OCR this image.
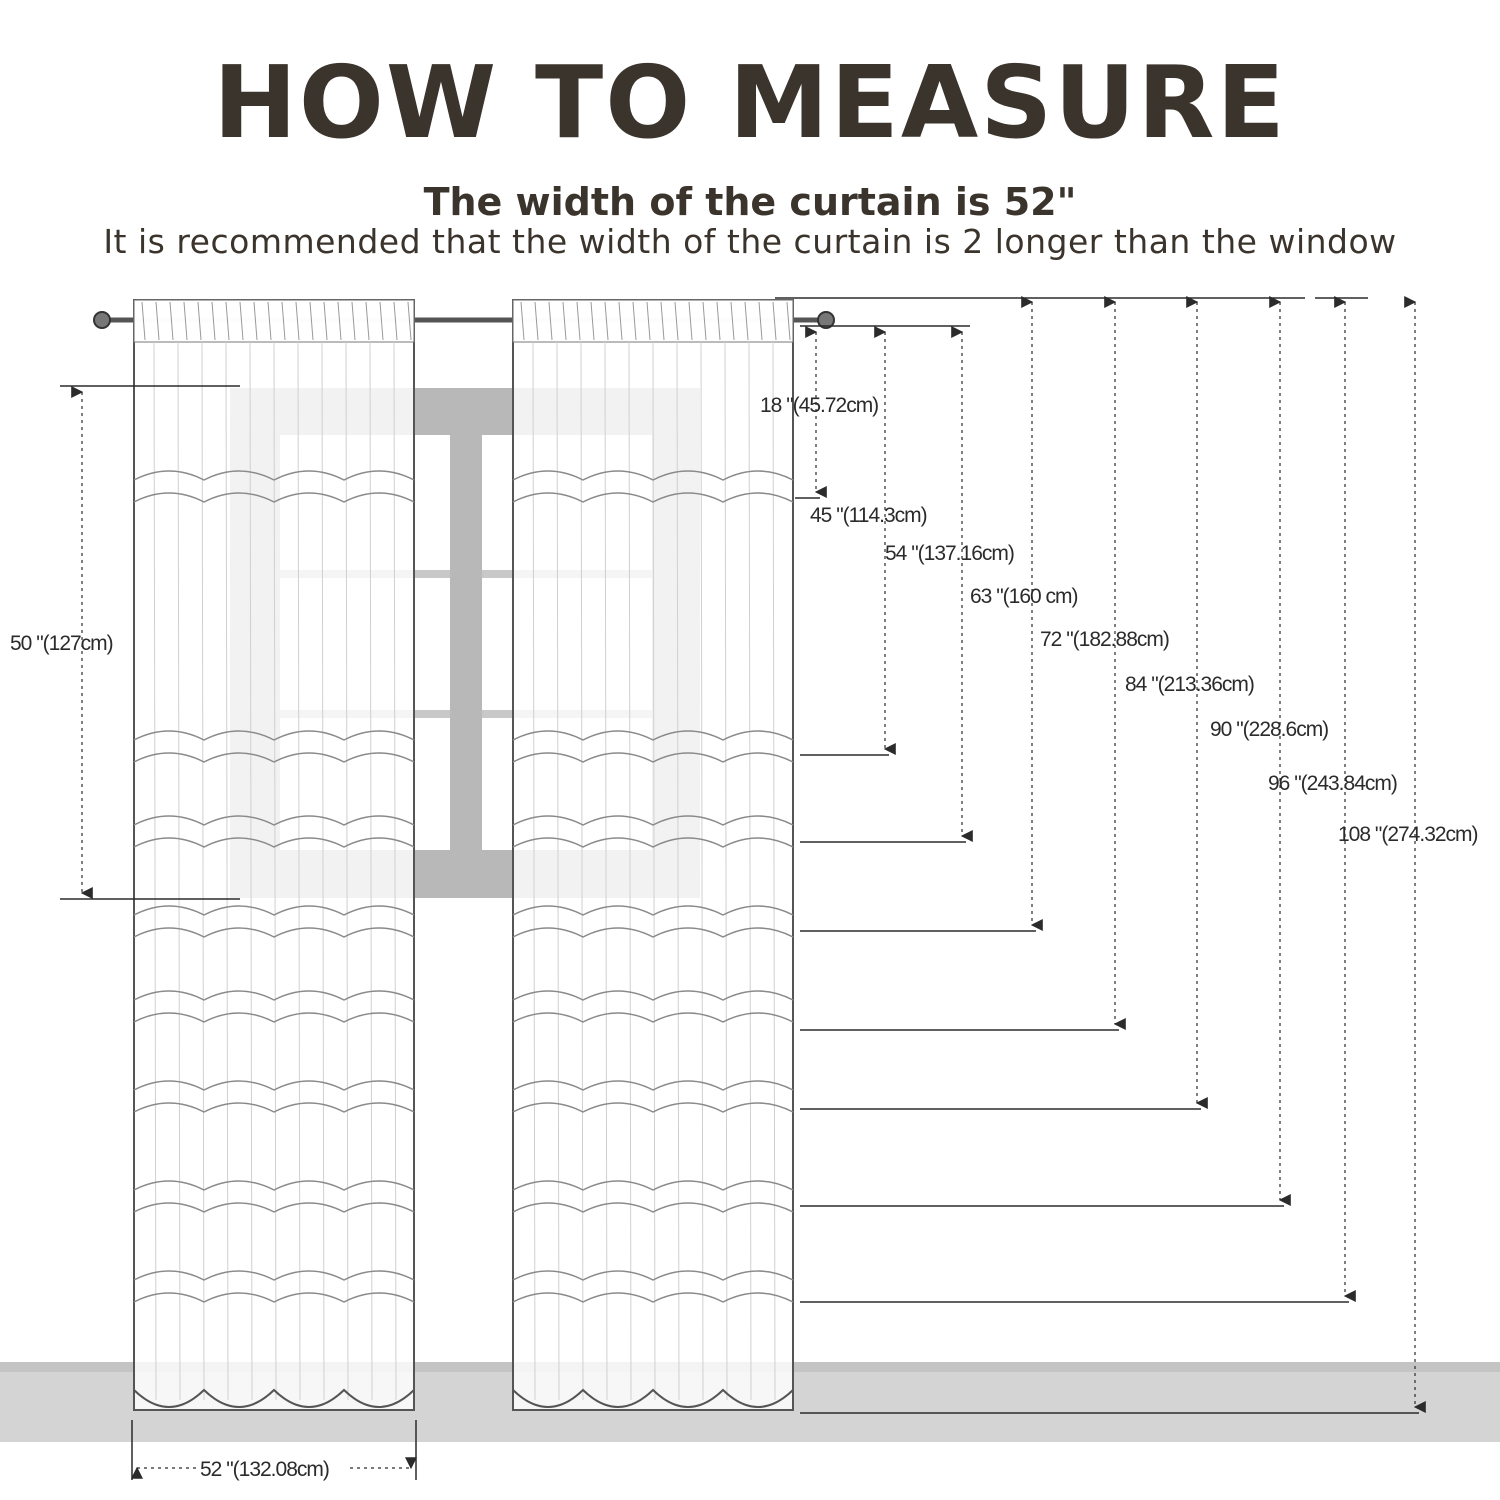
HOW TO MEASURE
The width of the curtain is 52"
It is recommended that the width of the curtain is 2 longer than the window
50 "(127cm)
52 "(132.08cm)
18 "(45.72cm)
45 "(114.3cm)
54 "(137.16cm)
63 "(160 cm)
72 "(182.88cm)
84 "(213.36cm)
90 "(228.6cm)
96 "(243.84cm)
108 "(274.32cm)
